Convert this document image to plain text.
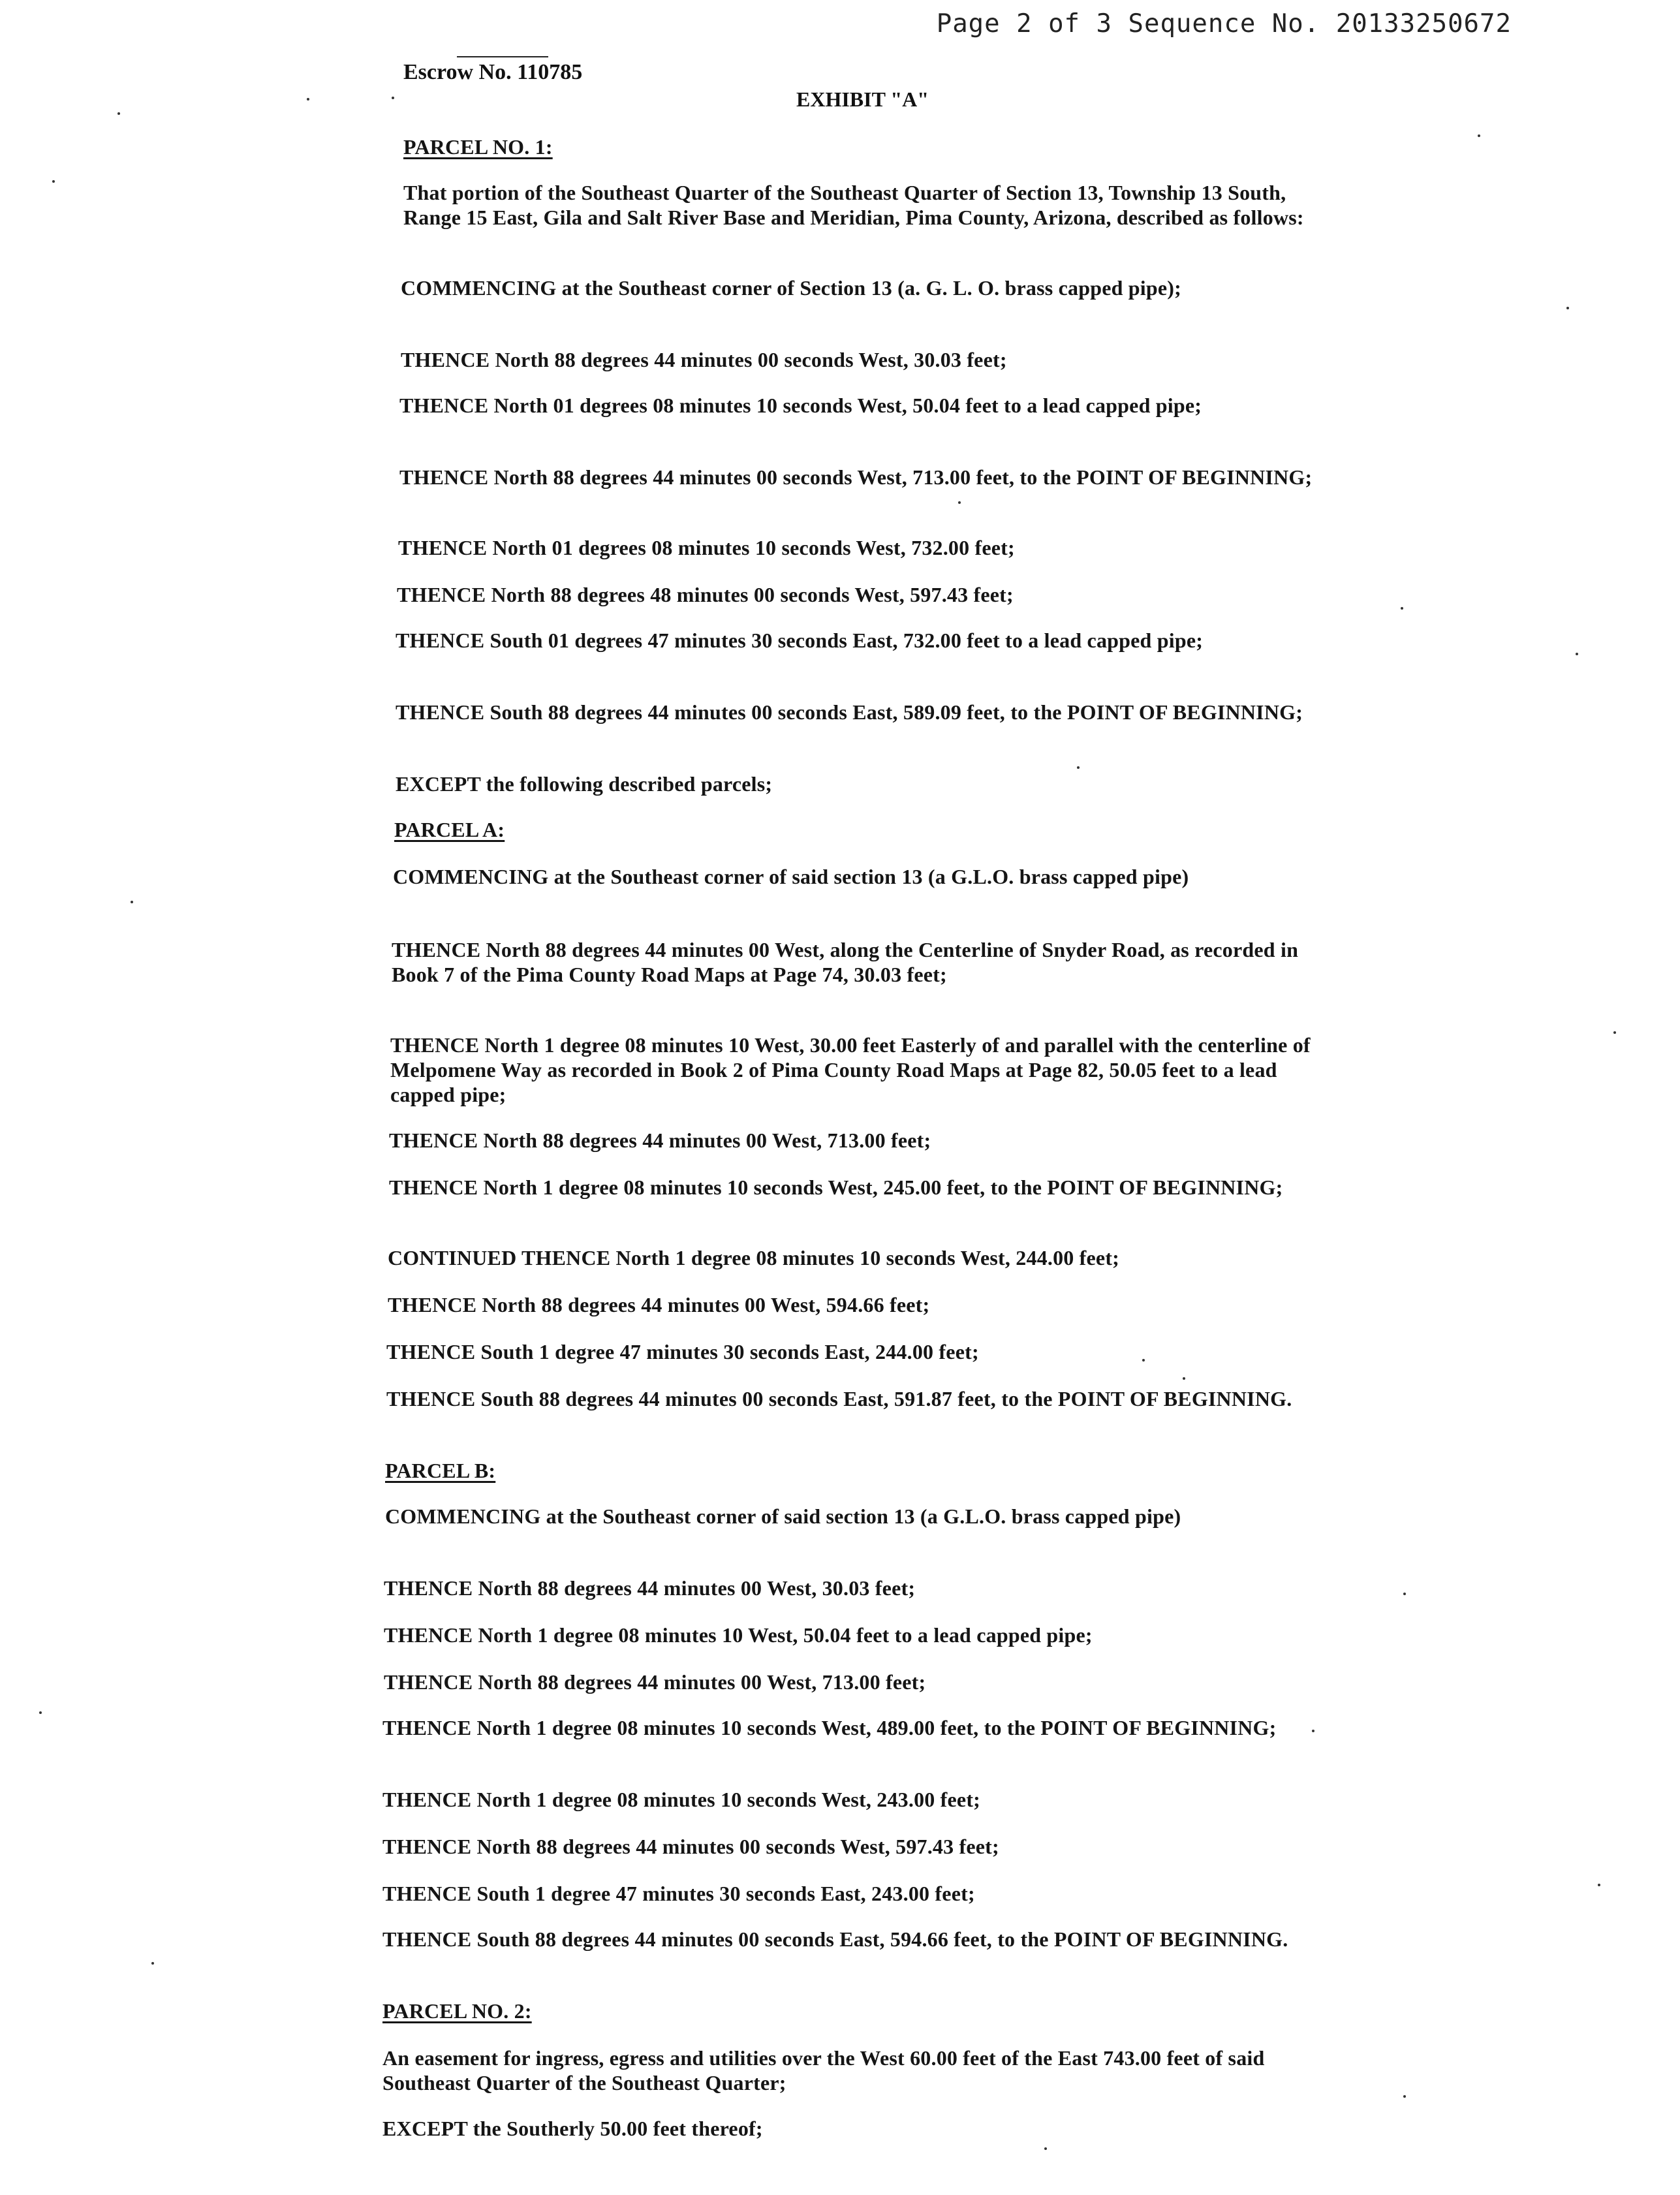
Page 2 of 3 Sequence No. 20133250672
Escrow No. 110785
EXHIBIT "A"
PARCEL NO. 1:
That portion of the Southeast Quarter of the Southeast Quarter of Section 13, Township 13 South, Range 15 East, Gila and Salt River Base and Meridian, Pima County, Arizona, described as follows:
COMMENCING at the Southeast corner of Section 13 (a. G. L. O. brass capped pipe);
THENCE North 88 degrees 44 minutes 00 seconds West, 30.03 feet;
THENCE North 01 degrees 08 minutes 10 seconds West, 50.04 feet to a lead capped pipe;
THENCE North 88 degrees 44 minutes 00 seconds West, 713.00 feet, to the POINT OF BEGINNING;
THENCE North 01 degrees 08 minutes 10 seconds West, 732.00 feet;
THENCE North 88 degrees 48 minutes 00 seconds West, 597.43 feet;
THENCE South 01 degrees 47 minutes 30 seconds East, 732.00 feet to a lead capped pipe;
THENCE South 88 degrees 44 minutes 00 seconds East, 589.09 feet, to the POINT OF BEGINNING;
EXCEPT the following described parcels;
PARCEL A:
COMMENCING at the Southeast corner of said section 13 (a G.L.O. brass capped pipe)
THENCE North 88 degrees 44 minutes 00 West, along the Centerline of Snyder Road, as recorded in Book 7 of the Pima County Road Maps at Page 74, 30.03 feet;
THENCE North 1 degree 08 minutes 10 West, 30.00 feet Easterly of and parallel with the centerline of Melpomene Way as recorded in Book 2 of Pima County Road Maps at Page 82, 50.05 feet to a lead capped pipe;
THENCE North 88 degrees 44 minutes 00 West, 713.00 feet;
THENCE North 1 degree 08 minutes 10 seconds West, 245.00 feet, to the POINT OF BEGINNING;
CONTINUED THENCE North 1 degree 08 minutes 10 seconds West, 244.00 feet;
THENCE North 88 degrees 44 minutes 00 West, 594.66 feet;
THENCE South 1 degree 47 minutes 30 seconds East, 244.00 feet;
THENCE South 88 degrees 44 minutes 00 seconds East, 591.87 feet, to the POINT OF BEGINNING.
PARCEL B:
COMMENCING at the Southeast corner of said section 13 (a G.L.O. brass capped pipe)
THENCE North 88 degrees 44 minutes 00 West, 30.03 feet;
THENCE North 1 degree 08 minutes 10 West, 50.04 feet to a lead capped pipe;
THENCE North 88 degrees 44 minutes 00 West, 713.00 feet;
THENCE North 1 degree 08 minutes 10 seconds West, 489.00 feet, to the POINT OF BEGINNING;
THENCE North 1 degree 08 minutes 10 seconds West, 243.00 feet;
THENCE North 88 degrees 44 minutes 00 seconds West, 597.43 feet;
THENCE South 1 degree 47 minutes 30 seconds East, 243.00 feet;
THENCE South 88 degrees 44 minutes 00 seconds East, 594.66 feet, to the POINT OF BEGINNING.
PARCEL NO. 2:
An easement for ingress, egress and utilities over the West 60.00 feet of the East 743.00 feet of said Southeast Quarter of the Southeast Quarter;
EXCEPT the Southerly 50.00 feet thereof;
